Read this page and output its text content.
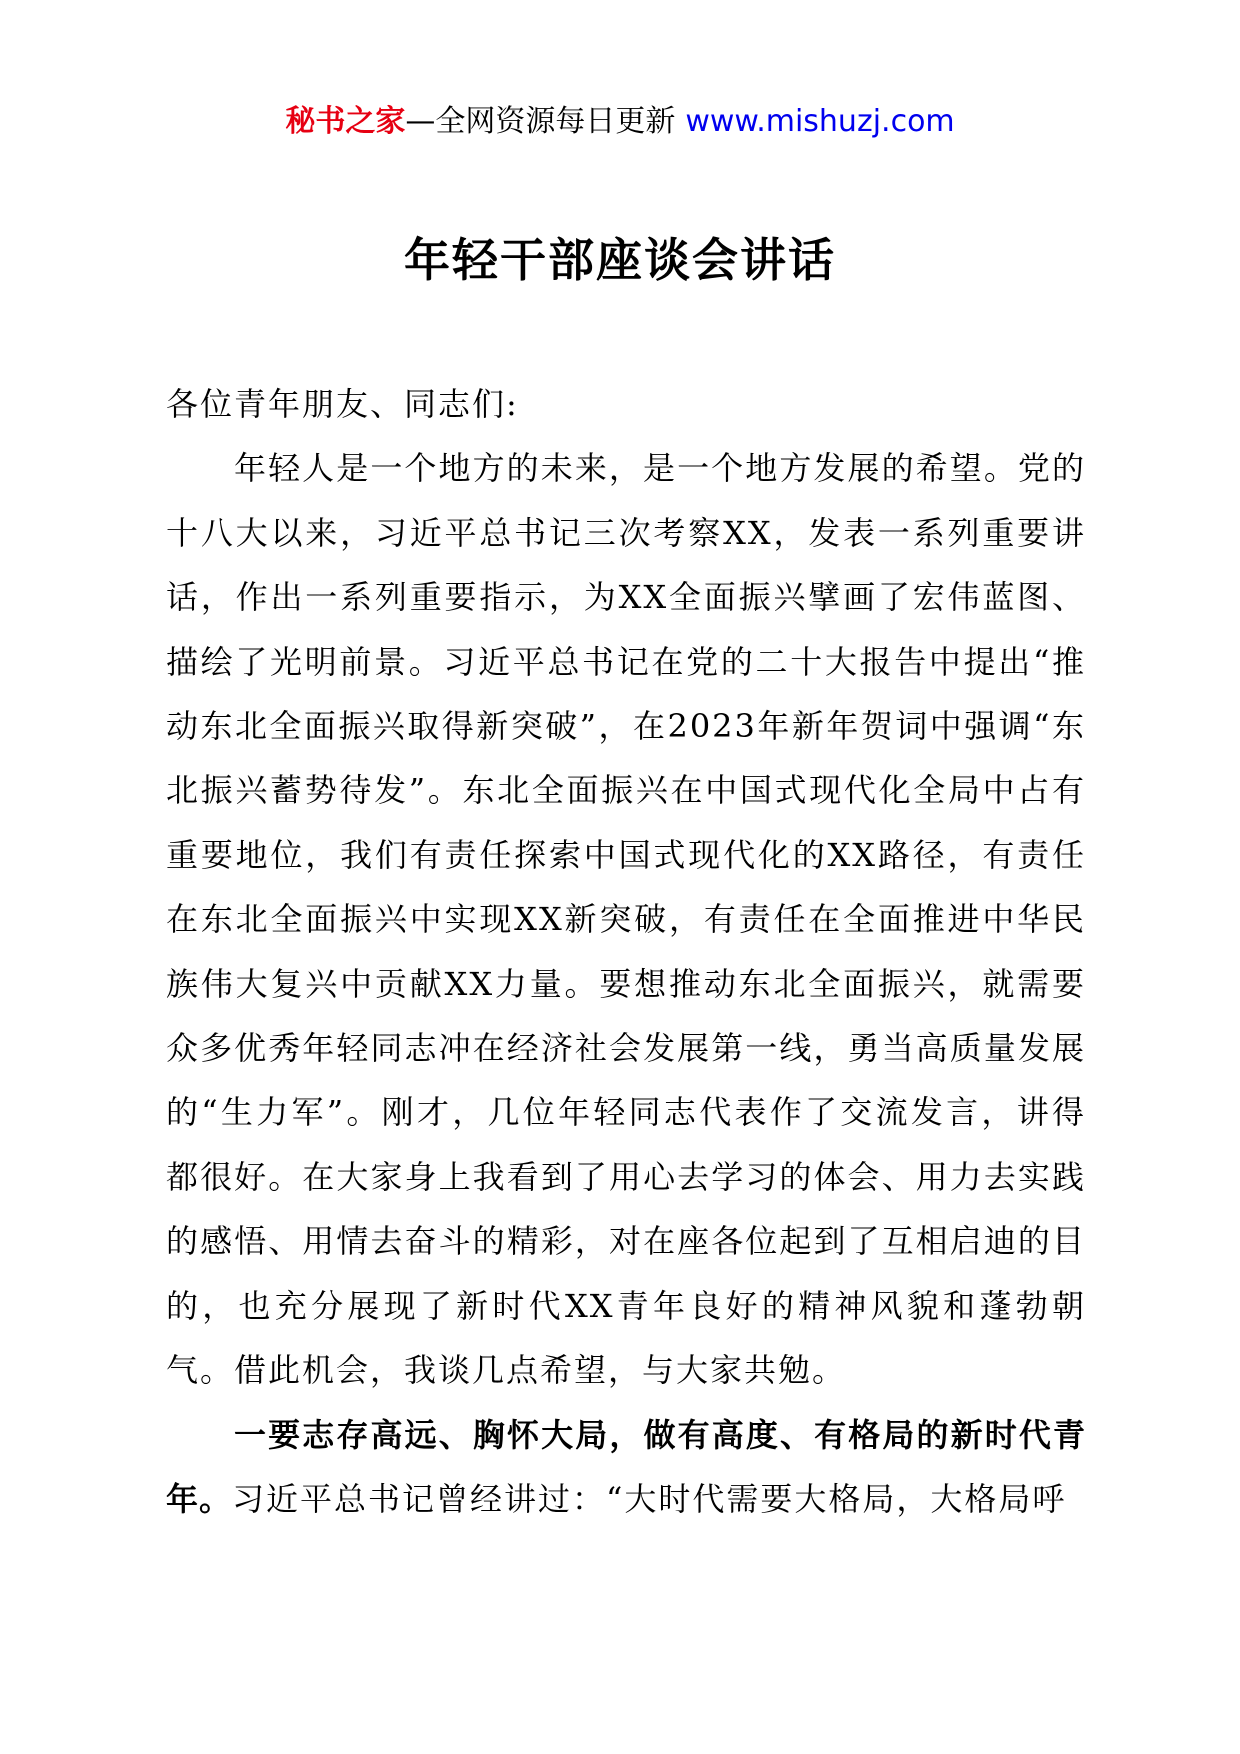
秘书之家—全网资源每日更新 www.mishuzj.com
年轻干部座谈会讲话

各位青年朋友、同志们:

年轻人是一个地方的未来，是一个地方发展的希望。党的十八大以来，习近平总书记三次考察XX，发表一系列重要讲话，作出一系列重要指示，为XX全面振兴擘画了宏伟蓝图、描绘了光明前景。习近平总书记在党的二十大报告中提出“推动东北全面振兴取得新突破”，在2023年新年贺词中强调“东北振兴蓄势待发”。东北全面振兴在中国式现代化全局中占有重要地位，我们有责任探索中国式现代化的XX路径，有责任在东北全面振兴中实现XX新突破，有责任在全面推进中华民族伟大复兴中贡献XX力量。要想推动东北全面振兴，就需要众多优秀年轻同志冲在经济社会发展第一线，勇当高质量发展的“生力军”。刚才，几位年轻同志代表作了交流发言，讲得都很好。在大家身上我看到了用心去学习的体会、用力去实践的感悟、用情去奋斗的精彩，对在座各位起到了互相启迪的目的，也充分展现了新时代XX青年良好的精神风貌和蓬勃朝气。借此机会，我谈几点希望，与大家共勉。

一要志存高远、胸怀大局，做有高度、有格局的新时代青年。习近平总书记曾经讲过：“大时代需要大格局，大格局呼
